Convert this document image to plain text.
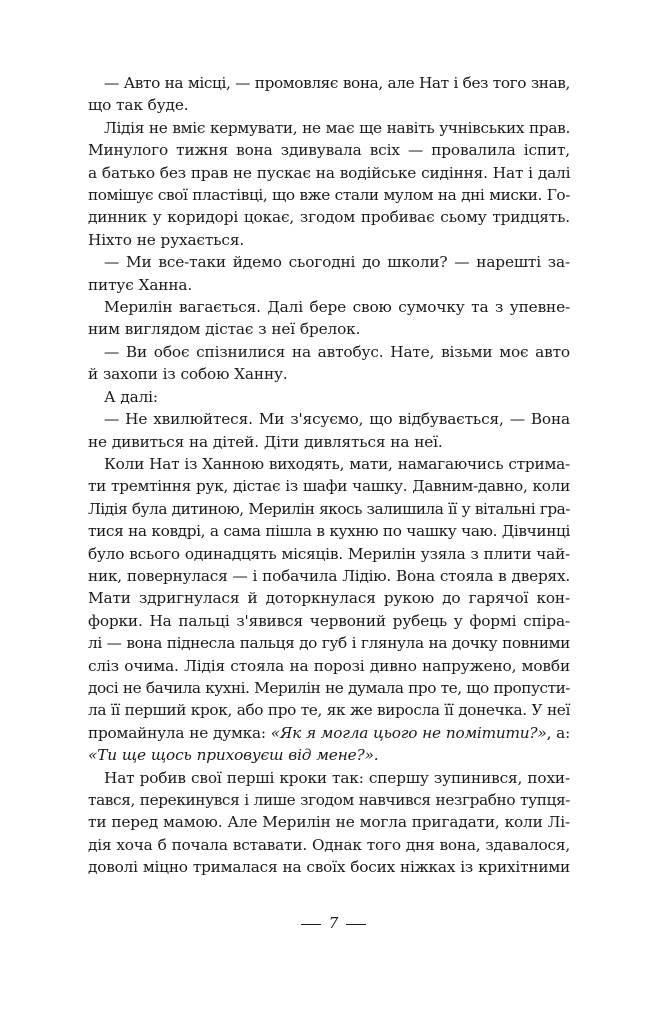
— Авто на місці, — промовляє вона, але Нат і без того знав,
що так буде.
Лідія не вміє кермувати, не має ще навіть учнівських прав.
Минулого тижня вона здивувала всіх — провалила іспит,
а батько без прав не пускає на водійське сидіння. Нат і далі
помішує свої пластівці, що вже стали мулом на дні миски. Го-
динник у коридорі цокає, згодом пробиває сьому тридцять.
Ніхто не рухається.
— Ми все-таки йдемо сьогодні до школи? — нарешті за-
питує Ханна.
Мерилін вагається. Далі бере свою сумочку та з упевне-
ним виглядом дістає з неї брелок.
— Ви обоє спізнилися на автобус. Нате, візьми моє авто
й захопи із собою Ханну.
А далі:
— Не хвилюйтеся. Ми з'ясуємо, що відбувається, — Вона
не дивиться на дітей. Діти дивляться на неї.
Коли Нат із Ханною виходять, мати, намагаючись стрима-
ти тремтіння рук, дістає із шафи чашку. Давним-давно, коли
Лідія була дитиною, Мерилін якось залишила її у вітальні гра-
тися на ковдрі, а сама пішла в кухню по чашку чаю. Дівчинці
було всього одинадцять місяців. Мерилін узяла з плити чай-
ник, повернулася — і побачила Лідію. Вона стояла в дверях.
Мати здригнулася й доторкнулася рукою до гарячої кон-
форки. На пальці з'явився червоний рубець у формі спіра-
лі — вона піднесла пальця до губ і глянула на дочку повними
сліз очима. Лідія стояла на порозі дивно напружено, мовби
досі не бачила кухні. Мерилін не думала про те, що пропусти-
ла її перший крок, або про те, як же виросла її донечка. У неї
промайнула не думка: «Як я могла цього не помітити?», а:
«Ти ще щось приховуєш від мене?».
Нат робив свої перші кроки так: спершу зупинився, похи-
тався, перекинувся і лише згодом навчився незграбно тупця-
ти перед мамою. Але Мерилін не могла пригадати, коли Лі-
дія хоча б почала вставати. Однак того дня вона, здавалося,
доволі міцно трималася на своїх босих ніжках із крихітними
7
